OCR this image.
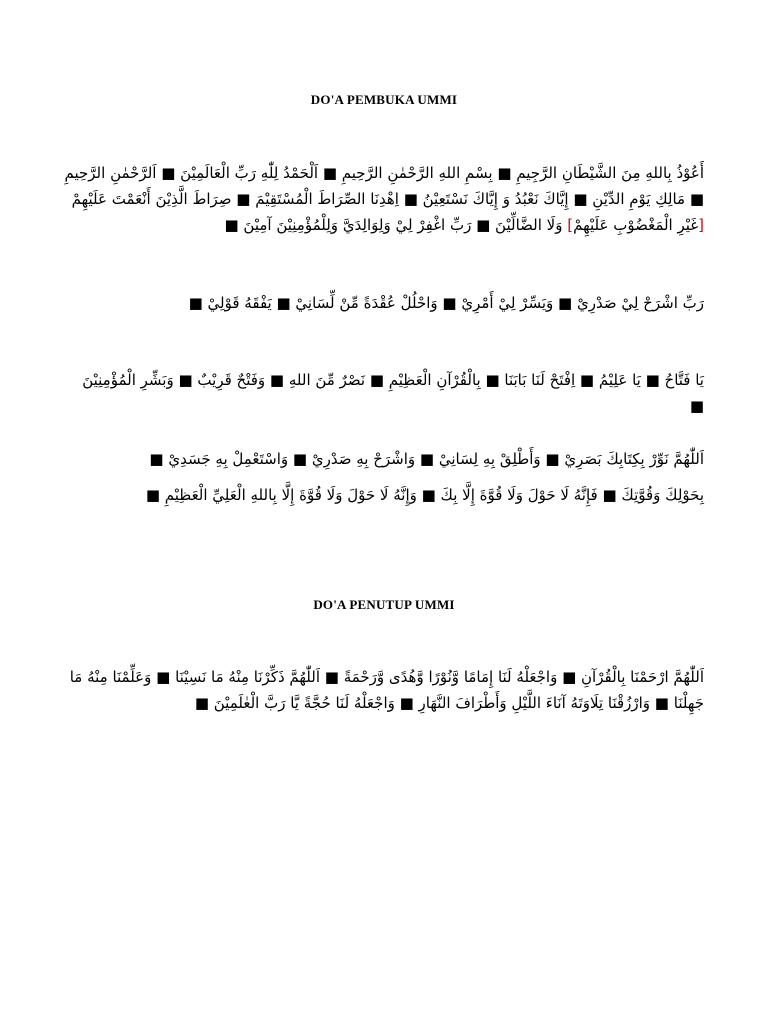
DO'A PEMBUKA UMMI

أَعُوْذُ بِاللهِ مِنَ الشَّيْطَانِ الرَّجِيمِ ■ بِسْمِ اللهِ الرَّحْمٰنِ الرَّحِيمِ ■ اَلْحَمْدُ لِلّٰهِ رَبِّ الْعَالَمِيْنَ ■ اَلرَّحْمٰنِ الرَّحِيمِ ■ مَالِكِ يَوْمِ الدِّيْنِ ■ إِيَّاكَ نَعْبُدُ وَ إِيَّاكَ نَسْتَعِيْنُ ■ اِهْدِنَا الصِّرَاطَ الْمُسْتَقِيْمَ ■ صِرَاطَ الَّذِيْنَ أَنْعَمْتَ عَلَيْهِمْ [غَيْرِ الْمَغْضُوْبِ عَلَيْهِمْ] وَلَا الضَّالِّيْنَ ■ رَبِّ اغْفِرْ لِيْ وَلِوَالِدَيَّ وَلِلْمُؤْمِنِيْنَ آمِيْنَ ■

رَبِّ اشْرَحْ لِيْ صَدْرِيْ ■ وَيَسِّرْ لِيْ أَمْرِيْ ■ وَاحْلُلْ عُقْدَةً مِّنْ لِّسَانِيْ ■ يَفْقَهُ قَوْلِيْ ■

يَا فَتَّاحُ ■ يَا عَلِيْمُ ■ اِفْتَحْ لَنَا بَابَنَا ■ بِالْقُرْآنِ الْعَظِيْمِ ■ نَصْرٌ مِّنَ اللهِ ■ وَفَتْحٌ قَرِيْبٌ ■ وَبَشِّرِ الْمُؤْمِنِيْنَ ■

اَللّٰهُمَّ نَوِّرْ بِكِتَابِكَ بَصَرِيْ ■ وَأَطْلِقْ بِهِ لِسَانِيْ ■ وَاشْرَحْ بِهِ صَدْرِيْ ■ وَاسْتَعْمِلْ بِهِ جَسَدِيْ ■

بِحَوْلِكَ وَقُوَّتِكَ ■ فَإِنَّهُ لَا حَوْلَ وَلَا قُوَّةَ إِلَّا بِكَ ■ وَإِنَّهُ لَا حَوْلَ وَلَا قُوَّةَ إِلَّا بِاللهِ الْعَلِيِّ الْعَظِيْمِ ■

DO'A PENUTUP UMMI

اَللّٰهُمَّ ارْحَمْنَا بِالْقُرْآنِ ■ وَاجْعَلْهُ لَنَا إِمَامًا وَّنُوْرًا وَّهُدًى وَّرَحْمَةً ■ اَللّٰهُمَّ ذَكِّرْنَا مِنْهُ مَا نَسِيْنَا ■ وَعَلِّمْنَا مِنْهُ مَا جَهِلْنَا ■ وَارْزُقْنَا تِلَاوَتَهُ آنَاءَ اللَّيْلِ وَأَطْرَافَ النَّهَارِ ■ وَاجْعَلْهُ لَنَا حُجَّةً يَّا رَبَّ الْعٰلَمِيْنَ ■
